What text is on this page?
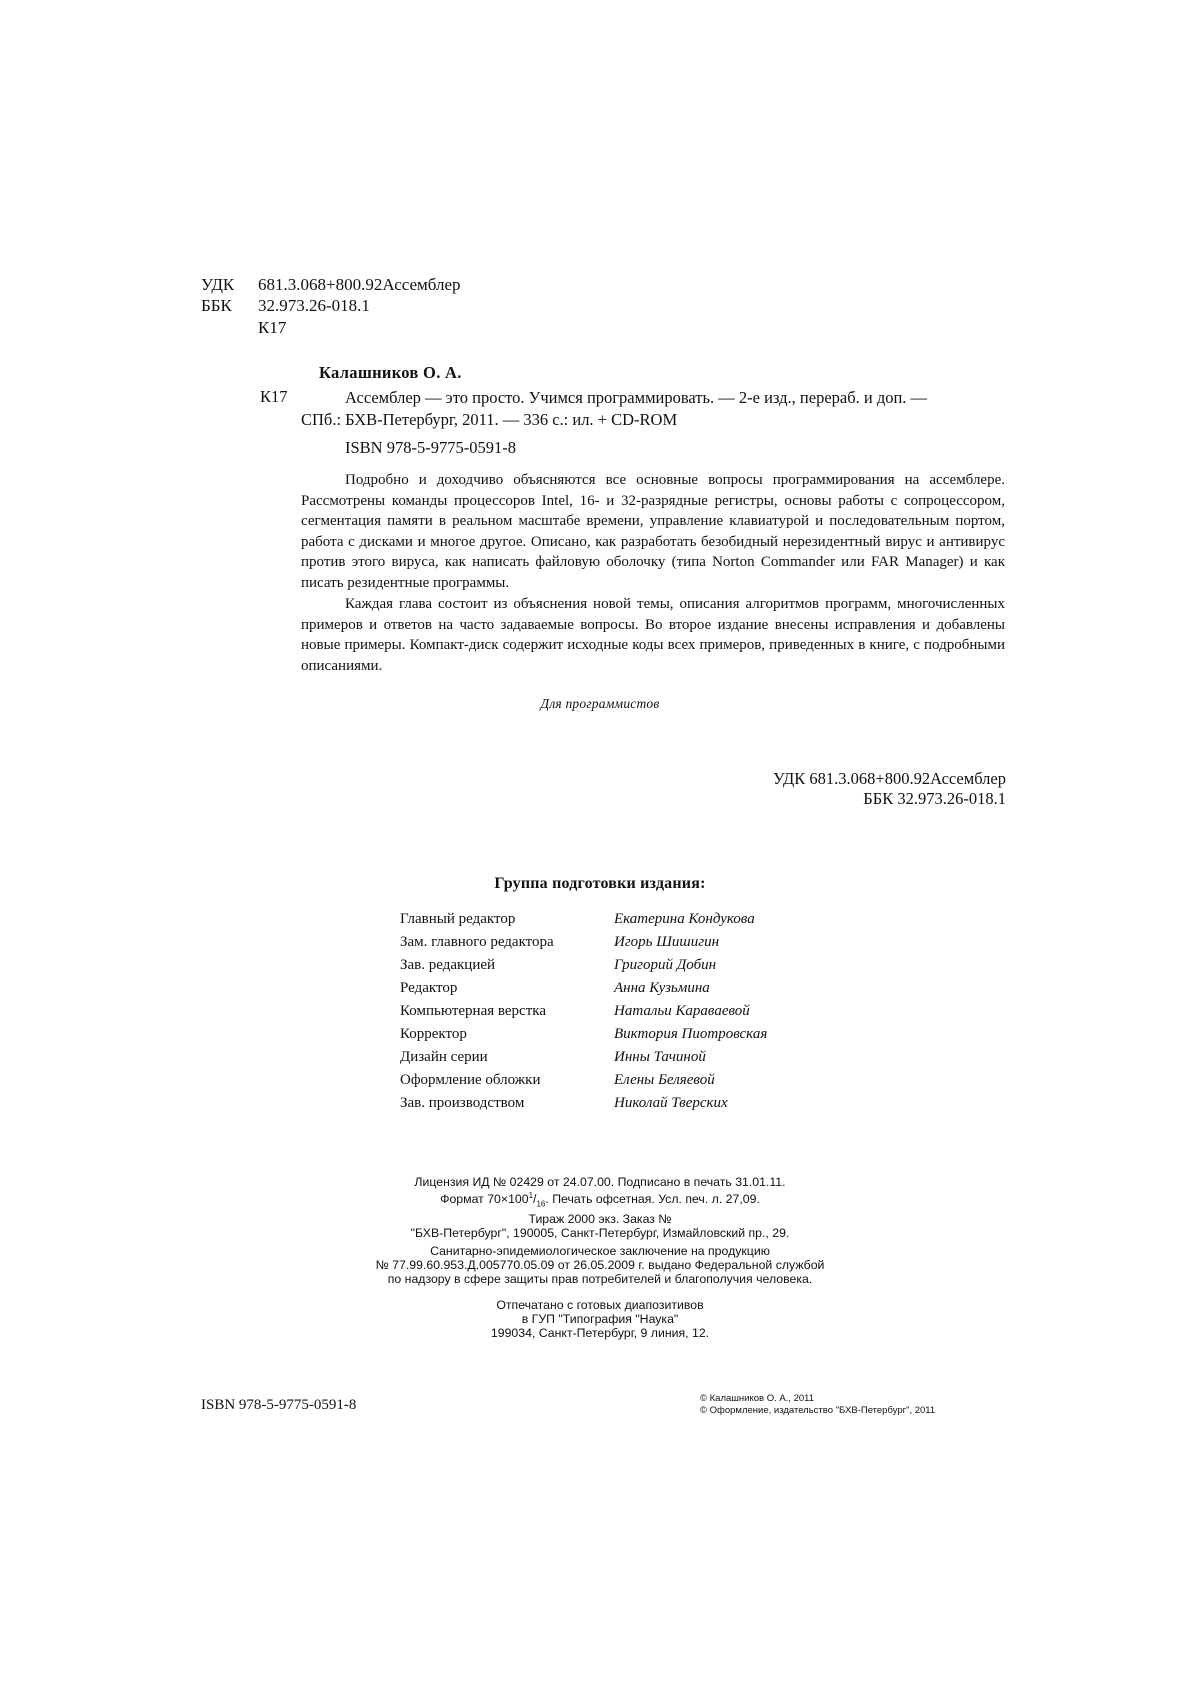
УДК 681.3.068+800.92Ассемблер
ББК 32.973.26-018.1
К17
Калашников О. А.
К17	Ассемблер — это просто. Учимся программировать. — 2-е изд., перераб. и доп. —
СПб.: БХВ-Петербург, 2011. — 336 с.: ил. + CD-ROM
ISBN 978-5-9775-0591-8

Подробно и доходчиво объясняются все основные вопросы программирования на ассемблере. Рассмотрены команды процессоров Intel, 16- и 32-разрядные регистры, основы работы с сопроцессором, сегментация памяти в реальном масштабе времени, управление клавиатурой и последовательным портом, работа с дисками и многое другое. Описано, как разработать безобидный нерезидентный вирус и антивирус против этого вируса, как написать файловую оболочку (типа Norton Commander или FAR Manager) и как писать резидентные программы.

Каждая глава состоит из объяснения новой темы, описания алгоритмов программ, многочисленных примеров и ответов на часто задаваемые вопросы. Во второе издание внесены исправления и добавлены новые примеры. Компакт-диск содержит исходные коды всех примеров, приведенных в книге, с подробными описаниями.

Для программистов
УДК 681.3.068+800.92Ассемблер
ББК 32.973.26-018.1
Группа подготовки издания:
Главный редактор	Екатерина Кондукова
Зам. главного редактора	Игорь Шишигин
Зав. редакцией	Григорий Добин
Редактор	Анна Кузьмина
Компьютерная верстка	Натальи Караваевой
Корректор	Виктория Пиотровская
Дизайн серии	Инны Тачиной
Оформление обложки	Елены Беляевой
Зав. производством	Николай Тверских
Лицензия ИД № 02429 от 24.07.00. Подписано в печать 31.01.11.
Формат $70\times 100^1/_{16}$. Печать офсетная. Усл. печ. л. 27,09.
Тираж 2000 экз. Заказ №
"БХВ-Петербург", 190005, Санкт-Петербург, Измайловский пр., 29.
Санитарно-эпидемиологическое заключение на продукцию
№ 77.99.60.953.Д.005770.05.09 от 26.05.2009 г. выдано Федеральной службой
по надзору в сфере защиты прав потребителей и благополучия человека.
Отпечатано с готовых диапозитивов
в ГУП "Типография "Наука"
199034, Санкт-Петербург, 9 линия, 12.
ISBN 978-5-9775-0591-8	© Калашников О. А., 2011
© Оформление, издательство "БХВ-Петербург", 2011
